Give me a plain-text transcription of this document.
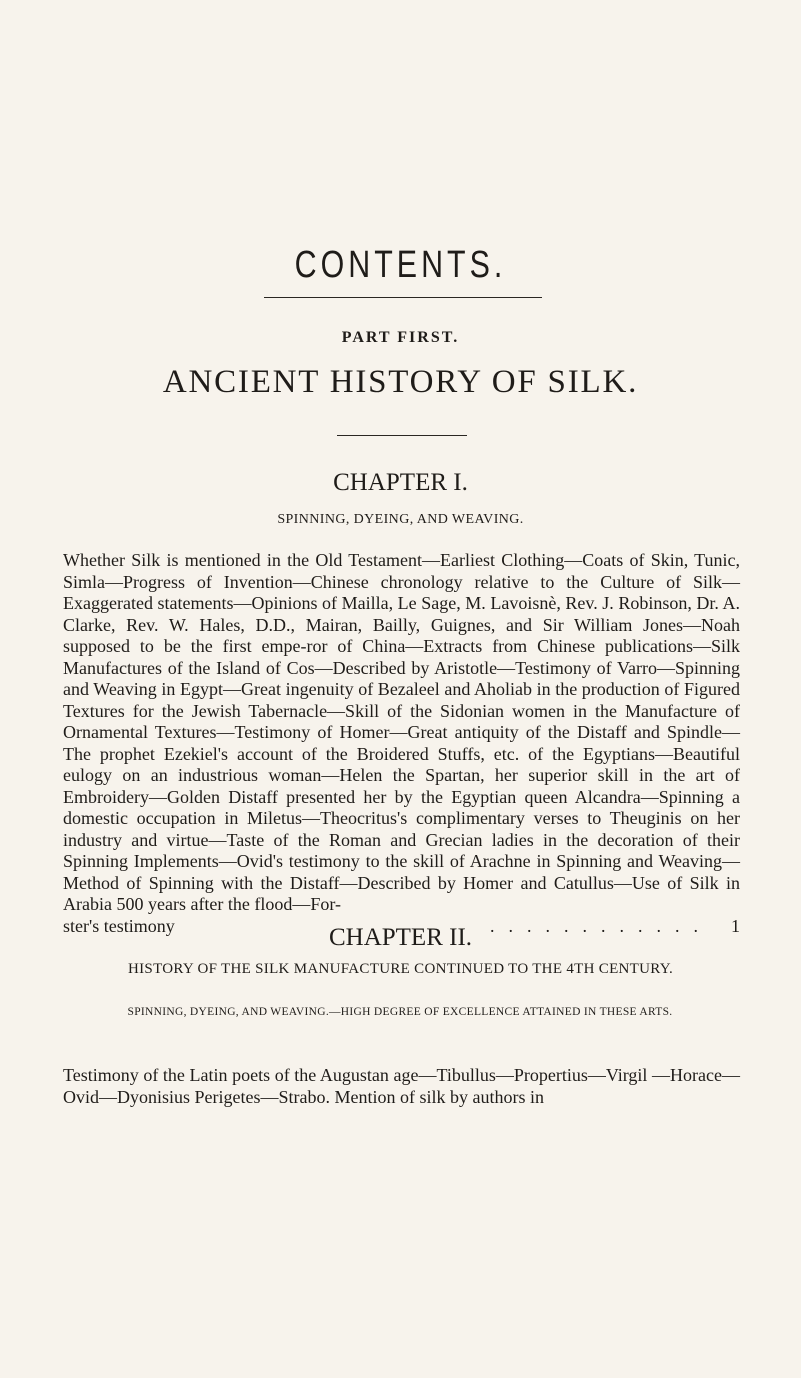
CONTENTS.
PART FIRST.
ANCIENT HISTORY OF SILK.
CHAPTER I.
SPINNING, DYEING, AND WEAVING.
Whether Silk is mentioned in the Old Testament—Earliest Clothing—Coats of Skin, Tunic, Simla—Progress of Invention—Chinese chronology relative to the Culture of Silk—Exaggerated statements—Opinions of Mailla, Le Sage, M. Lavoisnè, Rev. J. Robinson, Dr. A. Clarke, Rev. W. Hales, D.D., Mairan, Bailly, Guignes, and Sir William Jones—Noah supposed to be the first empe-ror of China—Extracts from Chinese publications—Silk Manufactures of the Island of Cos—Described by Aristotle—Testimony of Varro—Spinning and Weaving in Egypt—Great ingenuity of Bezaleel and Aholiab in the production of Figured Textures for the Jewish Tabernacle—Skill of the Sidonian women in the Manufacture of Ornamental Textures—Testimony of Homer—Great antiquity of the Distaff and Spindle—The prophet Ezekiel's account of the Broidered Stuffs, etc. of the Egyptians—Beautiful eulogy on an industrious woman—Helen the Spartan, her superior skill in the art of Embroidery—Golden Distaff presented her by the Egyptian queen Alcandra—Spinning a domestic occupation in Miletus—Theocritus's complimentary verses to Theuginis on her industry and virtue—Taste of the Roman and Grecian ladies in the decoration of their Spinning Implements—Ovid's testimony to the skill of Arachne in Spinning and Weaving—Method of Spinning with the Distaff—Described by Homer and Catullus—Use of Silk in Arabia 500 years after the flood—For-
ster's testimony	............	1
CHAPTER II.
HISTORY OF THE SILK MANUFACTURE CONTINUED TO THE 4TH CENTURY.
SPINNING, DYEING, AND WEAVING.—HIGH DEGREE OF EXCELLENCE ATTAINED IN THESE ARTS.
Testimony of the Latin poets of the Augustan age—Tibullus—Propertius—Virgil —Horace—Ovid—Dyonisius Perigetes—Strabo. Mention of silk by authors in
